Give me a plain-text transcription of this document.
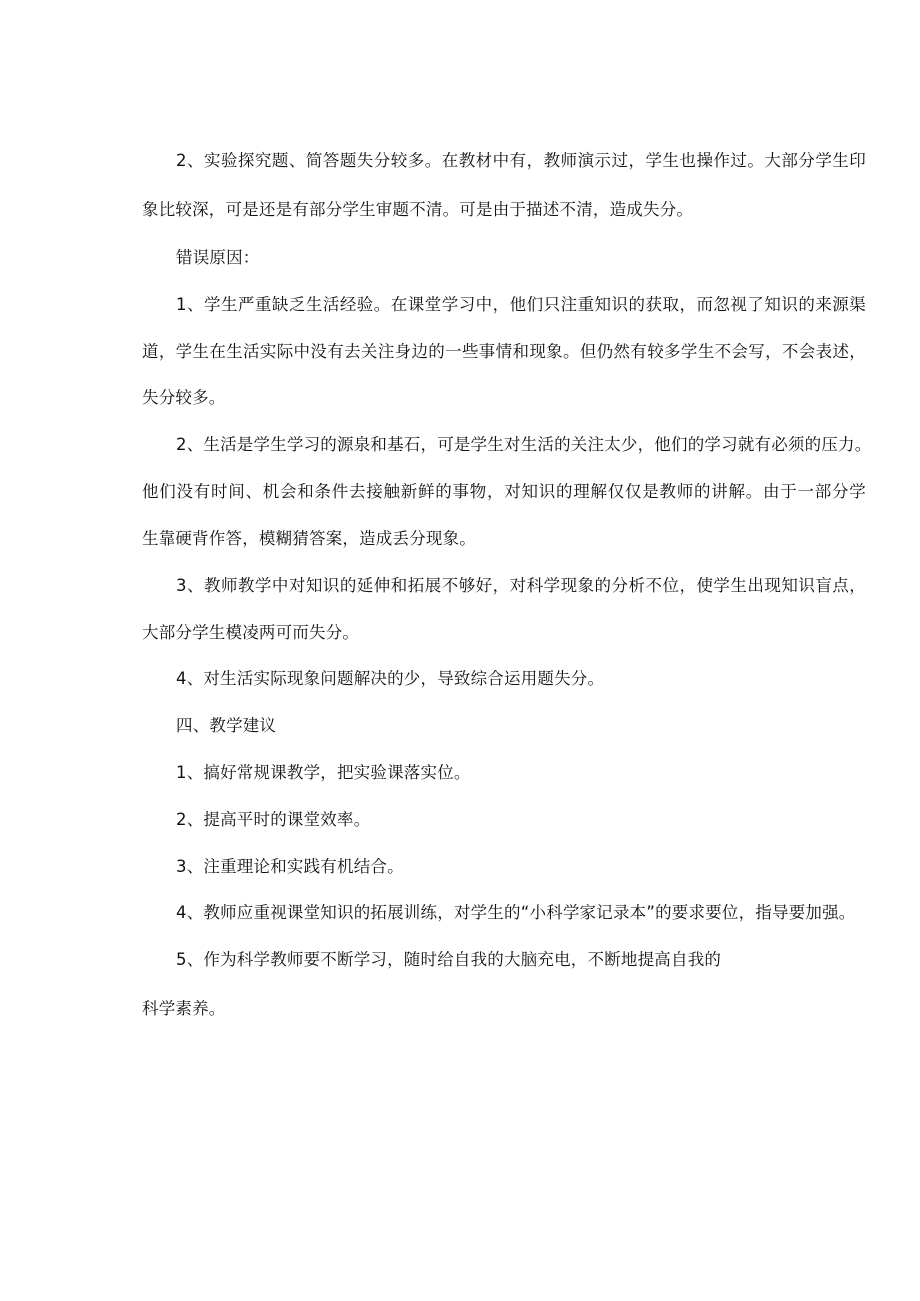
2、实验探究题、简答题失分较多。在教材中有，教师演示过，学生也操作过。大部分学生印
象比较深，可是还是有部分学生审题不清。可是由于描述不清，造成失分。
错误原因：
1、学生严重缺乏生活经验。在课堂学习中，他们只注重知识的获取，而忽视了知识的来源渠
道，学生在生活实际中没有去关注身边的一些事情和现象。但仍然有较多学生不会写，不会表述，
失分较多。
2、生活是学生学习的源泉和基石，可是学生对生活的关注太少，他们的学习就有必须的压力。
他们没有时间、机会和条件去接触新鲜的事物，对知识的理解仅仅是教师的讲解。由于一部分学
生靠硬背作答，模糊猜答案，造成丢分现象。
3、教师教学中对知识的延伸和拓展不够好，对科学现象的分析不位，使学生出现知识盲点，
大部分学生模凌两可而失分。
4、对生活实际现象问题解决的少，导致综合运用题失分。
四、教学建议
1、搞好常规课教学，把实验课落实位。
2、提高平时的课堂效率。
3、注重理论和实践有机结合。
4、教师应重视课堂知识的拓展训练，对学生的“小科学家记录本”的要求要位，指导要加强。
5、作为科学教师要不断学习，随时给自我的大脑充电，不断地提高自我的
科学素养。
